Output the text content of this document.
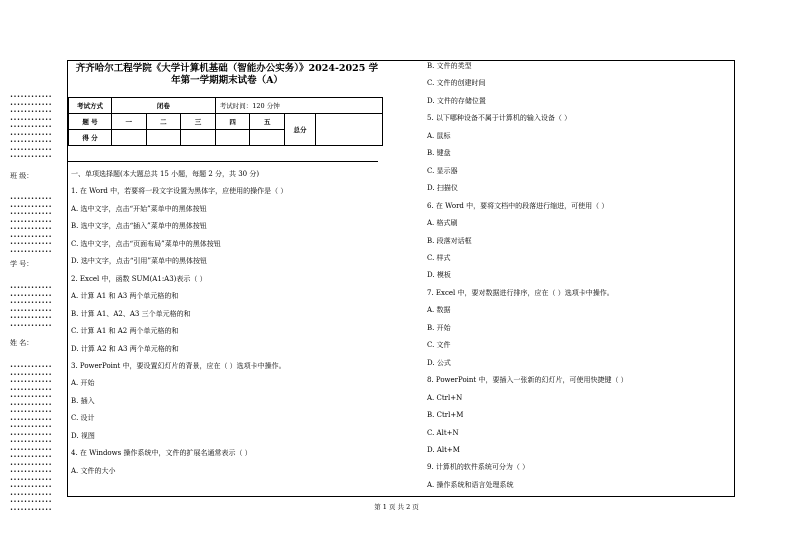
••••••••••••
••••••••••••
••••••••••••
••••••••••••
••••••••••••
••••••••••••
••••••••••••
••••••••••••
••••••••••••
班 级：
••••••••••••
••••••••••••
••••••••••••
••••••••••••
••••••••••••
••••••••••••
••••••••••••
••••••••••••
学 号：
••••••••••••
••••••••••••
••••••••••••
••••••••••••
••••••••••••
••••••••••••
姓 名：
••••••••••••
••••••••••••
••••••••••••
••••••••••••
••••••••••••
••••••••••••
••••••••••••
••••••••••••
••••••••••••
••••••••••••
••••••••••••
••••••••••••
••••••••••••
••••••••••••
••••••••••••
••••••••••••
••••••••••••
••••••••••••
••••••••••••
••••••••••••
齐齐哈尔工程学院《大学计算机基础（智能办公实务）》2024-2025 学
年第一学期期末试卷（A）
考试方式	闭卷			考试时间：120 分钟			
题 号	一	二	三	四	五	总分	
得 分							
一、单项选择题(本大题总共 15 小题，每题 2 分，共 30 分)
1. 在 Word 中，若要将一段文字设置为黑体字，应使用的操作是（ ）
A. 选中文字，点击“开始”菜单中的黑体按钮
B. 选中文字，点击“插入”菜单中的黑体按钮
C. 选中文字，点击“页面布局”菜单中的黑体按钮
D. 选中文字，点击“引用”菜单中的黑体按钮
2. Excel 中，函数 SUM(A1:A3)表示（ ）
A. 计算 A1 和 A3 两个单元格的和
B. 计算 A1、A2、A3 三个单元格的和
C. 计算 A1 和 A2 两个单元格的和
D. 计算 A2 和 A3 两个单元格的和
3. PowerPoint 中，要设置幻灯片的背景，应在（ ）选项卡中操作。
A. 开始
B. 插入
C. 设计
D. 视图
4. 在 Windows 操作系统中，文件的扩展名通常表示（ ）
A. 文件的大小
B. 文件的类型
C. 文件的创建时间
D. 文件的存储位置
5. 以下哪种设备不属于计算机的输入设备（ ）
A. 鼠标
B. 键盘
C. 显示器
D. 扫描仪
6. 在 Word 中，要将文档中的段落进行缩进，可使用（ ）
A. 格式刷
B. 段落对话框
C. 样式
D. 模板
7. Excel 中，要对数据进行排序，应在（ ）选项卡中操作。
A. 数据
B. 开始
C. 文件
D. 公式
8. PowerPoint 中，要插入一张新的幻灯片，可使用快捷键（ ）
A. Ctrl+N
B. Ctrl+M
C. Alt+N
D. Alt+M
9. 计算机的软件系统可分为（ ）
A. 操作系统和语言处理系统
第 1 页 共 2 页
